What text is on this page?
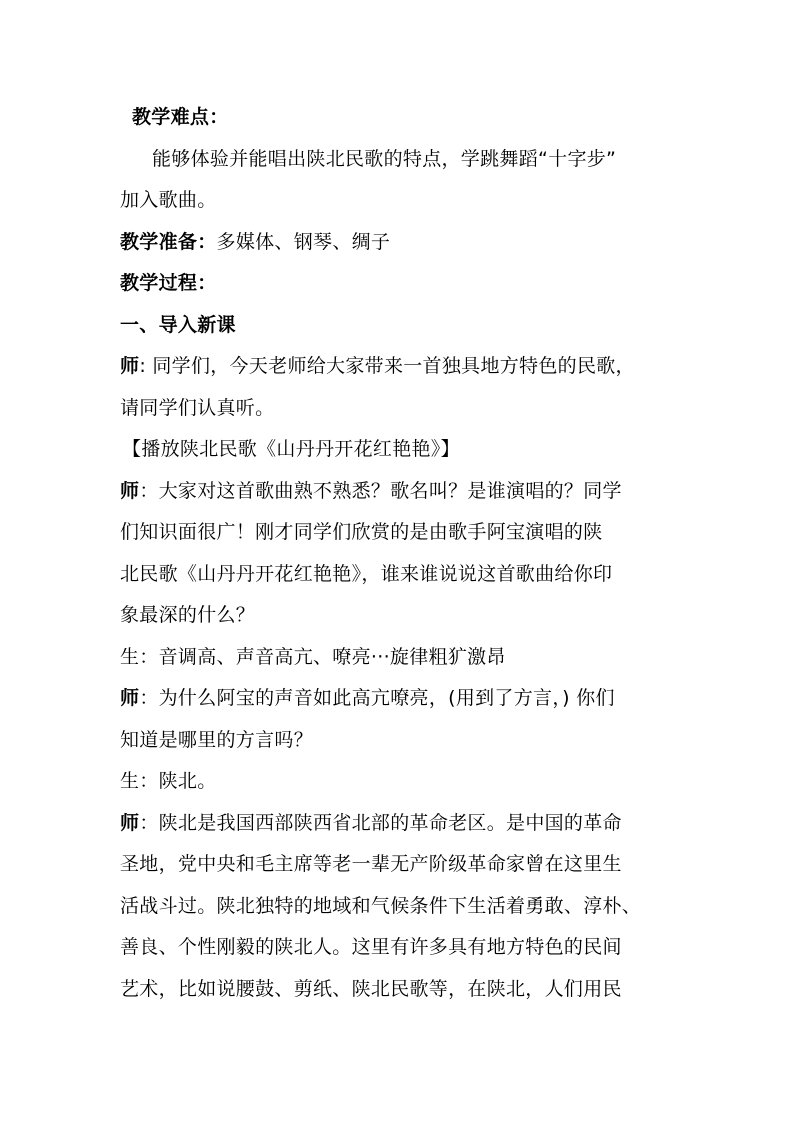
教学难点：
能够体验并能唱出陕北民歌的特点，学跳舞蹈“十字步”
加入歌曲。
教学准备：多媒体、钢琴、绸子
教学过程：
一、导入新课
师: 同学们，今天老师给大家带来一首独具地方特色的民歌，
请同学们认真听。
【播放陕北民歌《山丹丹开花红艳艳》】
师：大家对这首歌曲熟不熟悉？歌名叫？是谁演唱的？同学
们知识面很广！刚才同学们欣赏的是由歌手阿宝演唱的陕
北民歌《山丹丹开花红艳艳》，谁来谁说说这首歌曲给你印
象最深的什么？
生：音调高、声音高亢、嘹亮···旋律粗犷激昂
师：为什么阿宝的声音如此高亢嘹亮，(用到了方言，) 你们
知道是哪里的方言吗？
生：陕北。
师：陕北是我国西部陕西省北部的革命老区。是中国的革命
圣地，党中央和毛主席等老一辈无产阶级革命家曾在这里生
活战斗过。陕北独特的地域和气候条件下生活着勇敢、淳朴、
善良、个性刚毅的陕北人。这里有许多具有地方特色的民间
艺术，比如说腰鼓、剪纸、陕北民歌等，在陕北，人们用民
